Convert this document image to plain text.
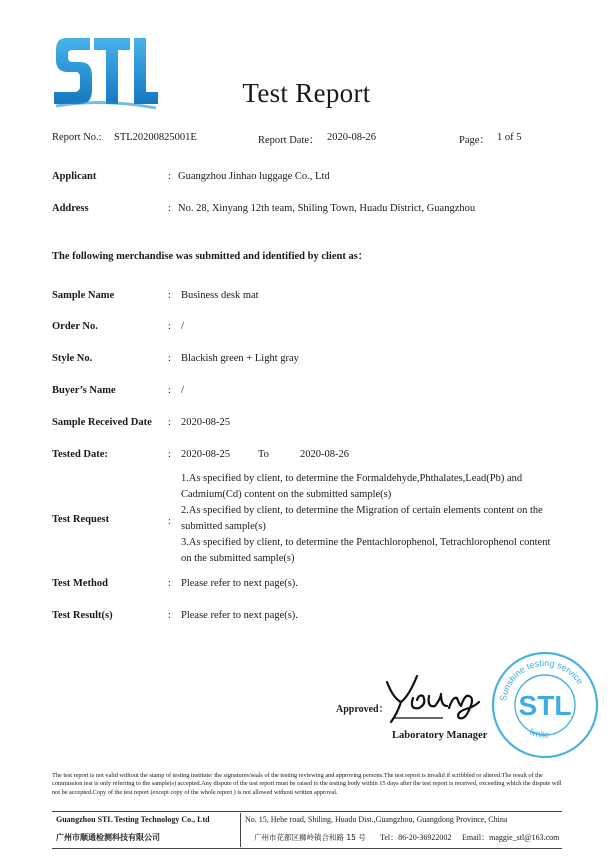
Test Report
Report No.: STL20200825001E	Report Date： 2020-08-26	Page： 1 of 5
Applicant	: Guangzhou Jinhao luggage Co., Ltd
Address	: No. 28, Xinyang 12th team, Shiling Town, Huadu District, Guangzhou
The following merchandise was submitted and identified by client as：
Sample Name	: Business desk mat
Order No.	: /
Style No.	: Blackish green + Light gray
Buyer’s Name	: /
Sample Received Date : 2020-08-25
Tested Date:	: 2020-08-25	To	2020-08-26
Test Request	:
1.As specified by client, to determine the Formaldehyde,Phthalates,Lead(Pb) and Cadmium(Cd) content on the submitted sample(s)
2.As specified by client, to determine the Migration of certain elements content on the submitted sample(s)
3.As specified by client, to determine the Pentachlorophenol, Tetrachlorophenol content on the submitted sample(s)
Test Method	: Please refer to next page(s).
Test Result(s)	: Please refer to next page(s).
Approved：
Laboratory Manager
Sunshine testing service
limite
STL
The test report is not valid without the stamp of testing institute/ the signatures/seals of the testing reviewing and approving persons.The test report is invalid if scribbled or altered.The result of the commission test is only referring to the sample(s) accepted.Any dispute of the test report must be raised to the testing body within 15 days after the test report is received, exceeding which the dispute will not be accepted.Copy of the test report (except copy of the whole report ) is not allowed without written approval.
Guangzhou STL Testing Technology Co., Ltd
广州市顺通检测科技有限公司
No. 15, Hehe road, Shiling, Huadu Dist.,Guangzhou, Guangdong Province, China
广州市花都区狮岭镇合和路 15 号 Tel：86-20-36922002 Email：maggie_stl@163.com
